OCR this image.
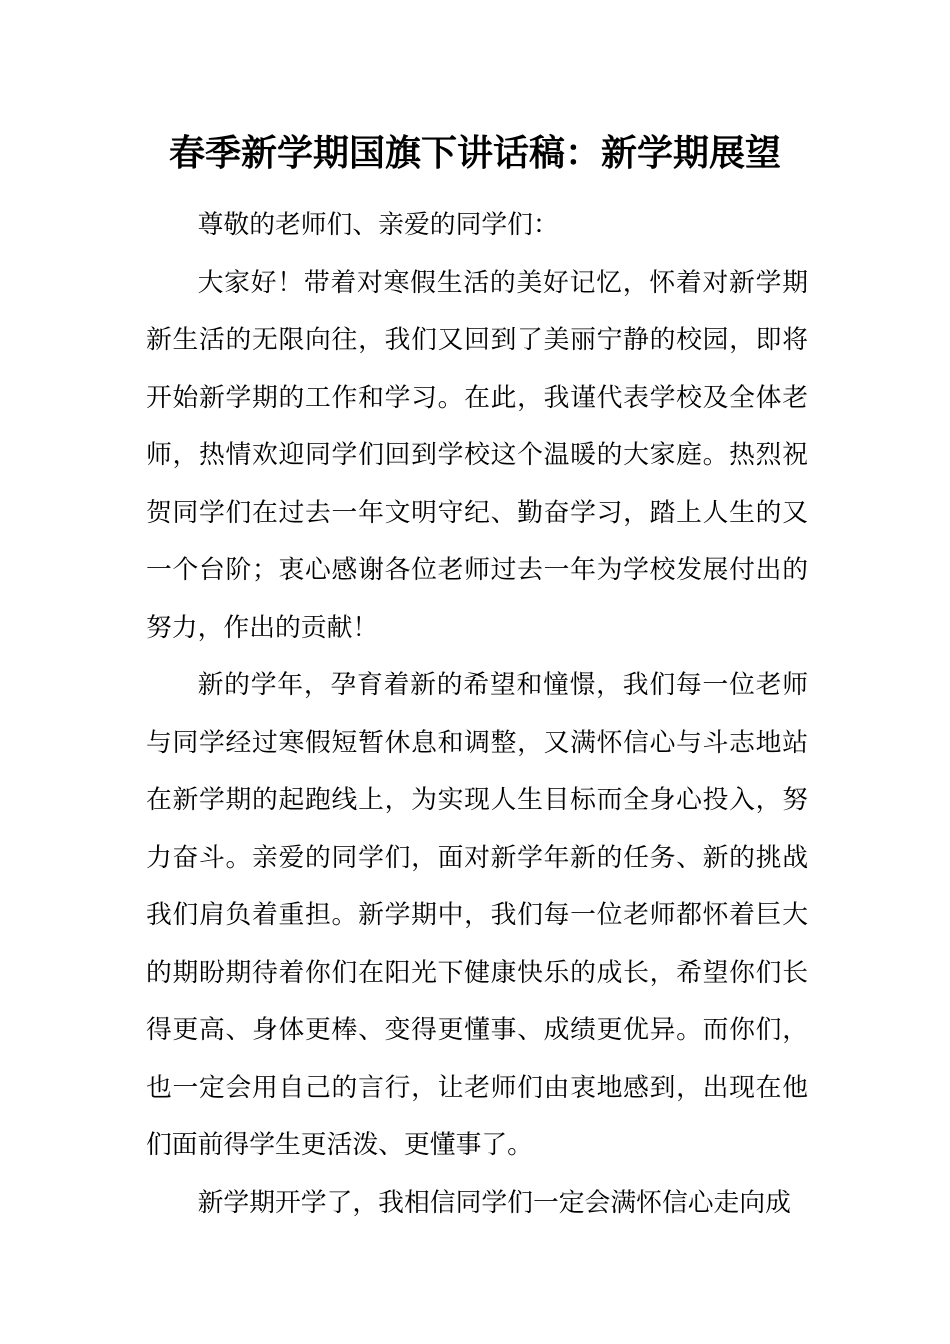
春季新学期国旗下讲话稿：新学期展望

尊敬的老师们、亲爱的同学们：

大家好！带着对寒假生活的美好记忆，怀着对新学期新生活的无限向往，我们又回到了美丽宁静的校园，即将开始新学期的工作和学习。在此，我谨代表学校及全体老师，热情欢迎同学们回到学校这个温暖的大家庭。热烈祝贺同学们在过去一年文明守纪、勤奋学习，踏上人生的又一个台阶；衷心感谢各位老师过去一年为学校发展付出的努力，作出的贡献！

新的学年，孕育着新的希望和憧憬，我们每一位老师与同学经过寒假短暂休息和调整，又满怀信心与斗志地站在新学期的起跑线上，为实现人生目标而全身心投入，努力奋斗。亲爱的同学们，面对新学年新的任务、新的挑战我们肩负着重担。新学期中，我们每一位老师都怀着巨大的期盼期待着你们在阳光下健康快乐的成长，希望你们长得更高、身体更棒、变得更懂事、成绩更优异。而你们，也一定会用自己的言行，让老师们由衷地感到，出现在他们面前得学生更活泼、更懂事了。

新学期开学了，我相信同学们一定会满怀信心走向成
